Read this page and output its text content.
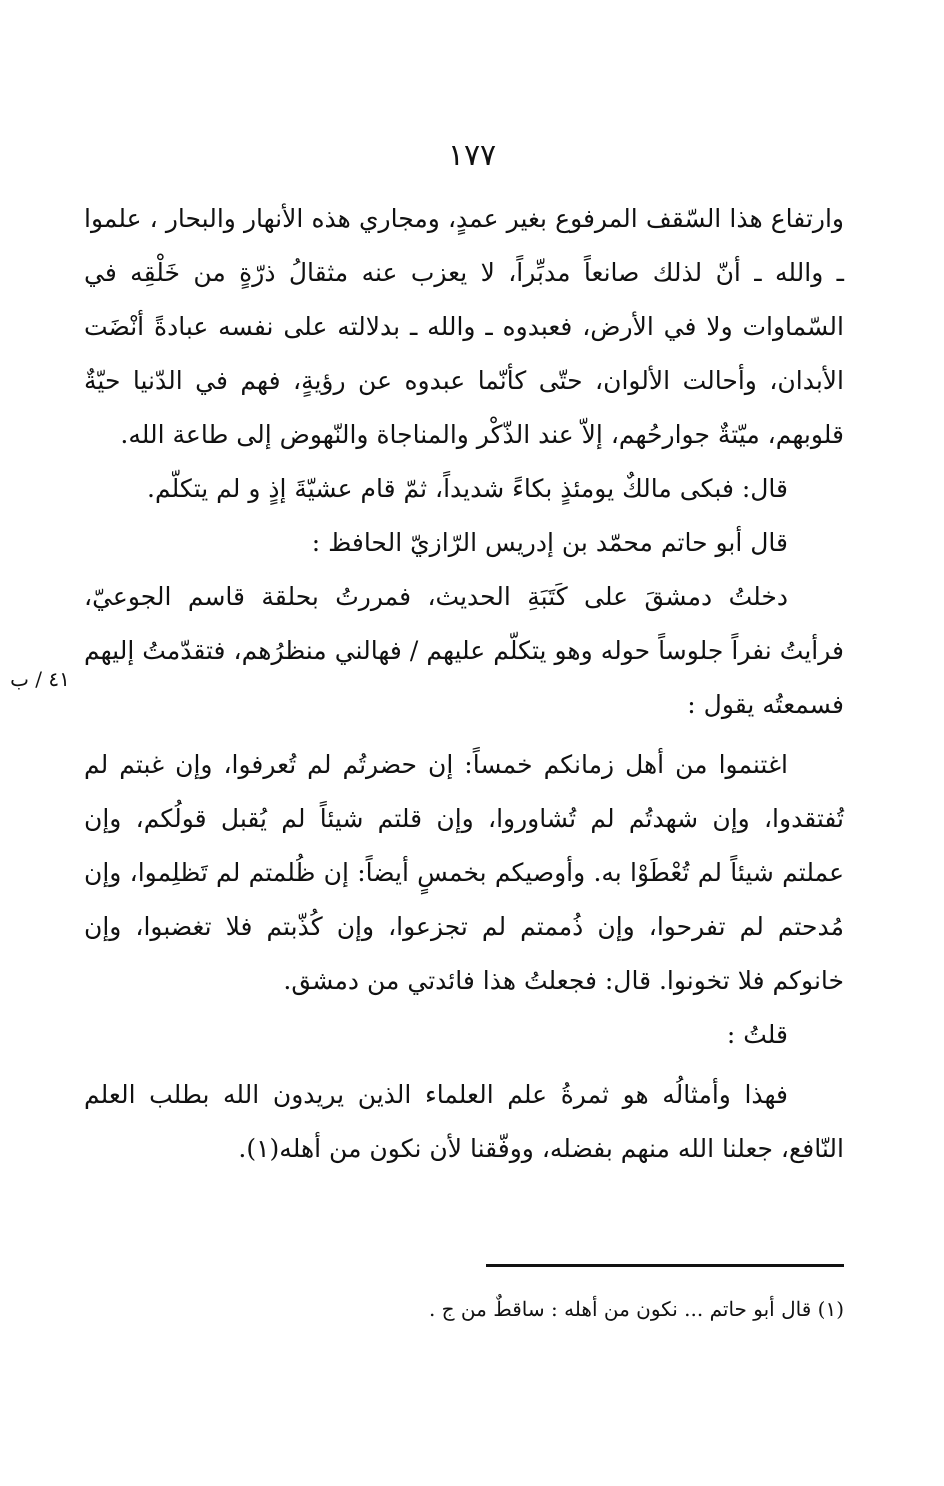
١٧٧

وارتفاع هذا السّقف المرفوع بغير عمدٍ، ومجاري هذه الأنهار والبحار ، علموا ـ والله ـ أنّ لذلك صانعاً مدبِّراً، لا يعزب عنه مثقالُ ذرّةٍ من خَلْقِه في السّماوات ولا في الأرض، فعبدوه ـ والله ـ بدلالته على نفسه عبادةً أنْضَت الأبدان، وأحالت الألوان، حتّى كأنّما عبدوه عن رؤيةٍ، فهم في الدّنيا حيّةٌ قلوبهم، ميّتةٌ جوارحُهم، إلاّ عند الذّكْر والمناجاة والنّهوض إلى طاعة الله.

قال: فبكى مالكٌ يومئذٍ بكاءً شديداً، ثمّ قام عشيّةَ إذٍ و لم يتكلّم.

قال أبو حاتم محمّد بن إدريس الرّازيّ الحافظ :

دخلتُ دمشقَ على كَتَبَةِ الحديث، فمررتُ بحلقة قاسم الجوعيّ، فرأيتُ نفراً جلوساً حوله وهو يتكلّم عليهم / فهالني منظرُهم، فتقدّمتُ إليهم فسمعتُه يقول :

اغتنموا من أهل زمانكم خمساً: إن حضرتُم لم تُعرفوا، وإن غبتم لم تُفتقدوا، وإن شهدتُم لم تُشاوروا، وإن قلتم شيئاً لم يُقبل قولُكم، وإن عملتم شيئاً لم تُعْطَوْا به. وأوصيكم بخمسٍ أيضاً: إن ظُلمتم لم تَظلِموا، وإن مُدحتم لم تفرحوا، وإن ذُممتم لم تجزعوا، وإن كُذّبتم فلا تغضبوا، وإن خانوكم فلا تخونوا. قال: فجعلتُ هذا فائدتي من دمشق.

قلتُ :

فهذا وأمثالُه هو ثمرةُ علم العلماء الذين يريدون الله بطلب العلم النّافع، جعلنا الله منهم بفضله، ووفّقنا لأن نكون من أهله(١).

٤١ / ب
(١) قال أبو حاتم ... نكون من أهله : ساقطٌ من ج .
